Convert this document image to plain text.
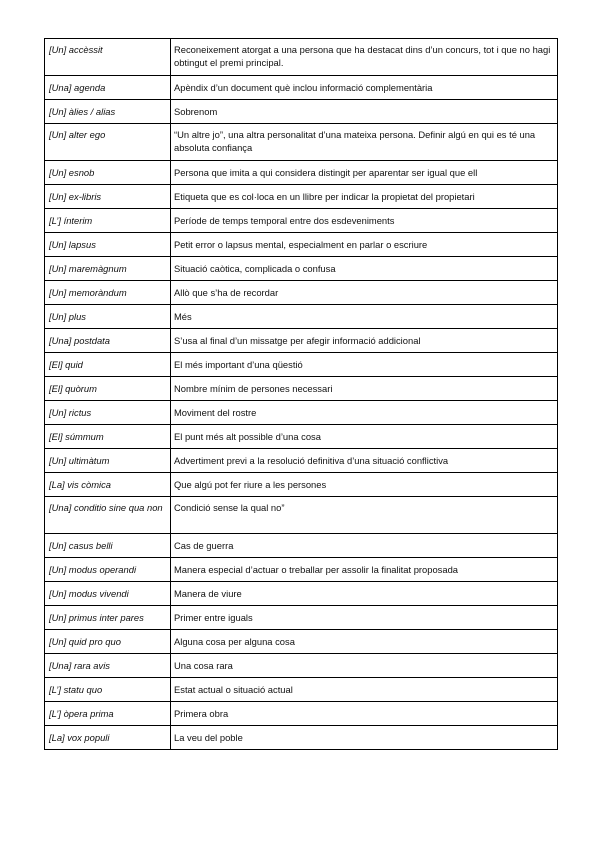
[Un] accèssit	Reconeixement atorgat a una persona que ha destacat dins d’un concurs, tot i que no hagi obtingut el premi principal.
[Una] agenda	Apèndix d’un document què inclou informació complementària
[Un] àlies / alias	Sobrenom
[Un] alter ego	“Un altre jo”, una altra personalitat d’una mateixa persona. Definir algú en qui es té una absoluta confiança
[Un] esnob	Persona que imita a qui considera distingit per aparentar ser igual que ell
[Un] ex-libris	Etiqueta que es col·loca en un llibre per indicar la propietat del propietari
[L’] ínterim	Període de temps temporal entre dos esdeveniments
[Un] lapsus	Petit error o lapsus mental, especialment en parlar o escriure
[Un] maremàgnum	Situació caòtica, complicada o confusa
[Un] memoràndum	Allò que s’ha de recordar
[Un] plus	Més
[Una] postdata	S’usa al final d’un missatge per afegir informació addicional
[El] quid	El més important d’una qüestió
[El] quòrum	Nombre mínim de persones necessari
[Un] rictus	Moviment del rostre
[El] súmmum	El punt més alt possible d’una cosa
[Un] ultimàtum	Advertiment previ a la resolució definitiva d’una situació conflictiva
[La] vis còmica	Que algú pot fer riure a les persones
[Una] conditio sine qua non	Condició sense la qual no”
[Un] casus belli	Cas de guerra
[Un] modus operandi	Manera especial d’actuar o treballar per assolir la finalitat proposada
[Un] modus vivendi	Manera de viure
[Un] primus inter pares	Primer entre iguals
[Un] quid pro quo	Alguna cosa per alguna cosa
[Una] rara avis	Una cosa rara
[L’] statu quo	Estat actual o situació actual
[L’] òpera prima	Primera obra
[La] vox populi	La veu del poble
